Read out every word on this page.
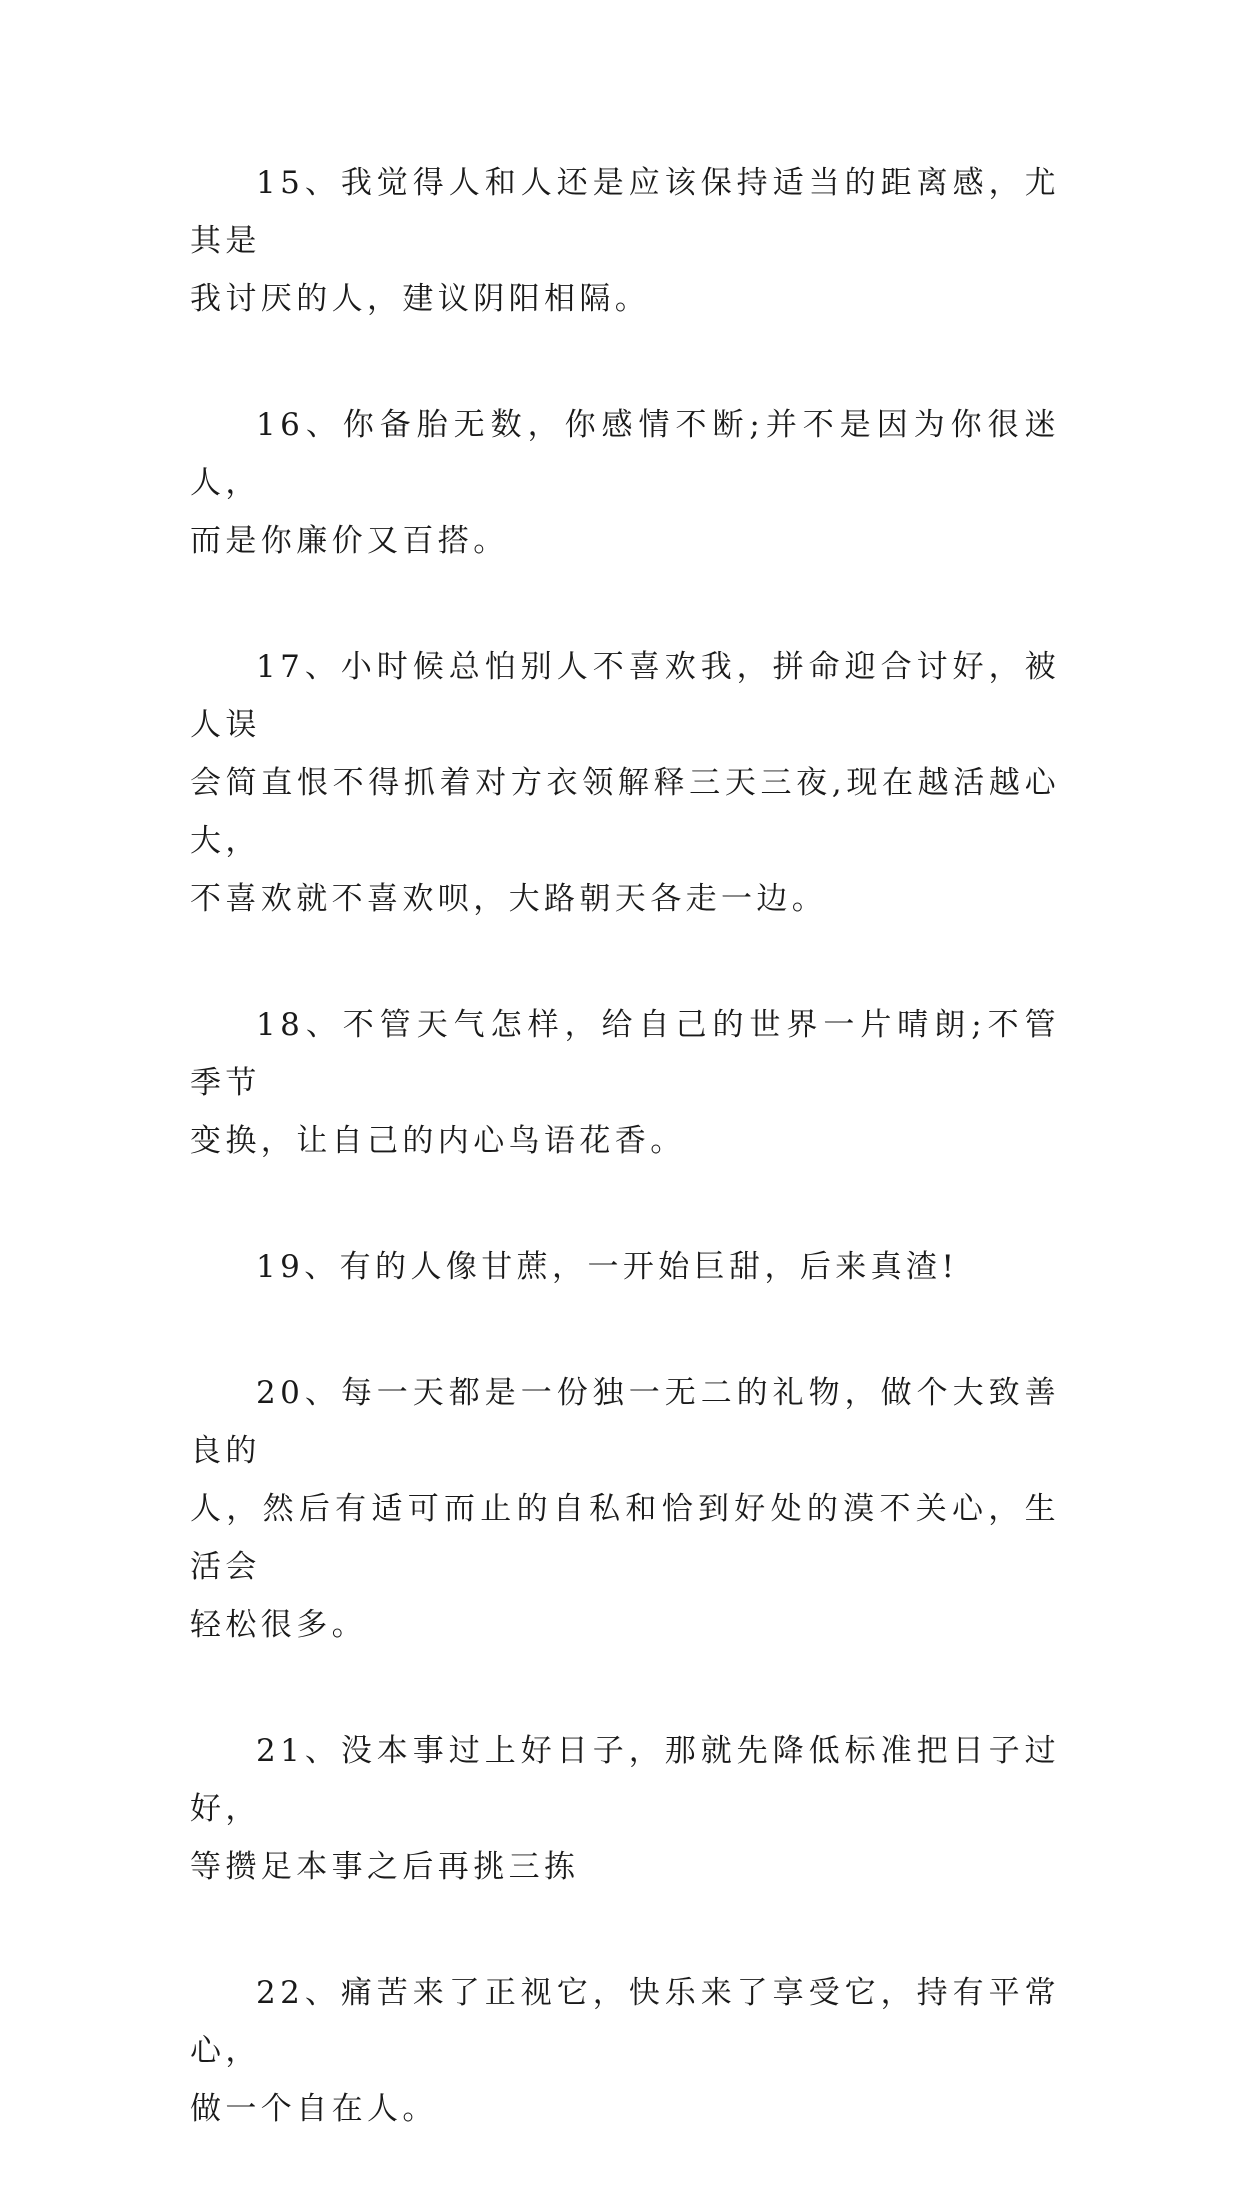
15、我觉得人和人还是应该保持适当的距离感，尤其是
我讨厌的人，建议阴阳相隔。

16、你备胎无数，你感情不断;并不是因为你很迷人，
而是你廉价又百搭。

17、小时候总怕别人不喜欢我，拼命迎合讨好，被人误
会简直恨不得抓着对方衣领解释三天三夜,现在越活越心大，
不喜欢就不喜欢呗，大路朝天各走一边。

18、不管天气怎样，给自己的世界一片晴朗;不管季节
变换，让自己的内心鸟语花香。

19、有的人像甘蔗，一开始巨甜，后来真渣!

20、每一天都是一份独一无二的礼物，做个大致善良的
人，然后有适可而止的自私和恰到好处的漠不关心，生活会
轻松很多。

21、没本事过上好日子，那就先降低标准把日子过好，
等攒足本事之后再挑三拣

22、痛苦来了正视它，快乐来了享受它，持有平常心，
做一个自在人。
